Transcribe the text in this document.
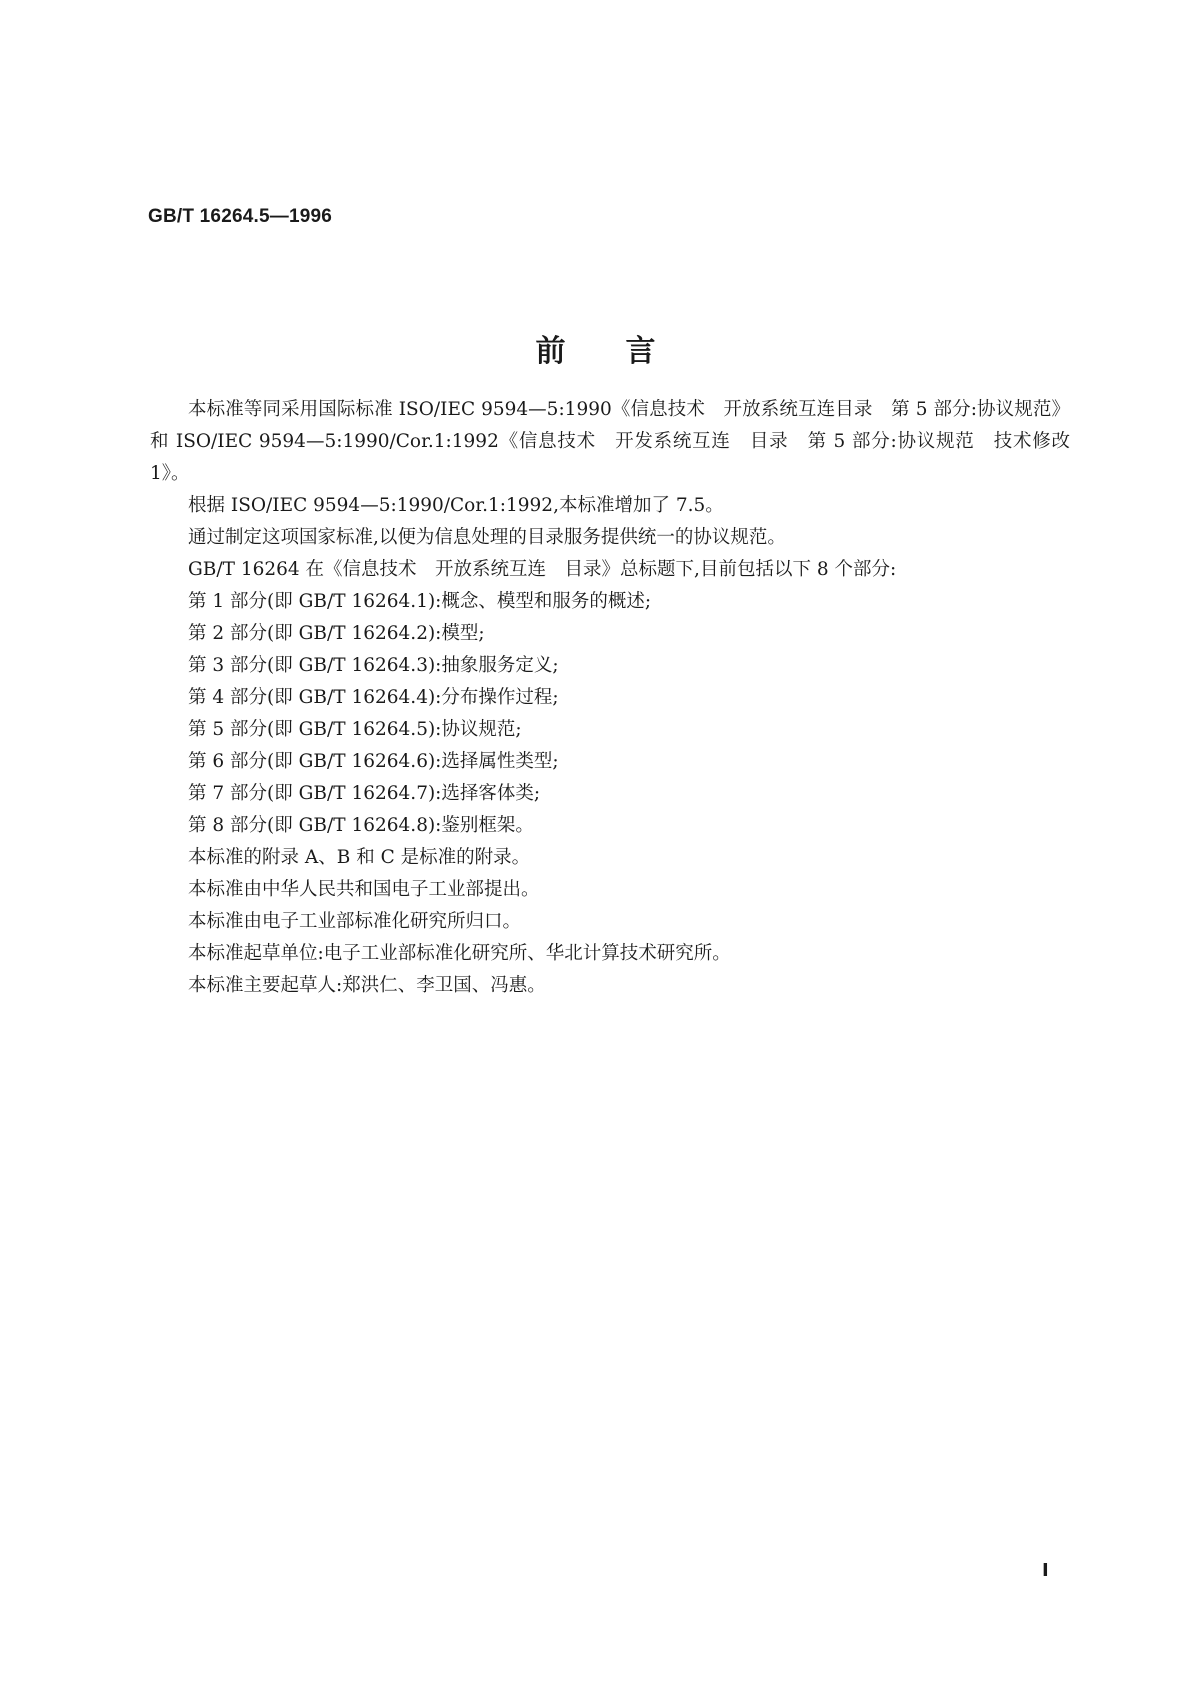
GB/T 16264.5—1996
前言

本标准等同采用国际标准 ISO/IEC 9594—5:1990《信息技术　开放系统互连目录　第 5 部分:协议规范》和 ISO/IEC 9594—5:1990/Cor.1:1992《信息技术　开发系统互连　目录　第 5 部分:协议规范　技术修改 1》。

根据 ISO/IEC 9594—5:1990/Cor.1:1992,本标准增加了 7.5。

通过制定这项国家标准,以便为信息处理的目录服务提供统一的协议规范。

GB/T 16264 在《信息技术　开放系统互连　目录》总标题下,目前包括以下 8 个部分:

第 1 部分(即 GB/T 16264.1):概念、模型和服务的概述;

第 2 部分(即 GB/T 16264.2):模型;

第 3 部分(即 GB/T 16264.3):抽象服务定义;

第 4 部分(即 GB/T 16264.4):分布操作过程;

第 5 部分(即 GB/T 16264.5):协议规范;

第 6 部分(即 GB/T 16264.6):选择属性类型;

第 7 部分(即 GB/T 16264.7):选择客体类;

第 8 部分(即 GB/T 16264.8):鉴别框架。

本标准的附录 A、B 和 C 是标准的附录。

本标准由中华人民共和国电子工业部提出。

本标准由电子工业部标准化研究所归口。

本标准起草单位:电子工业部标准化研究所、华北计算技术研究所。

本标准主要起草人:郑洪仁、李卫国、冯惠。

I
